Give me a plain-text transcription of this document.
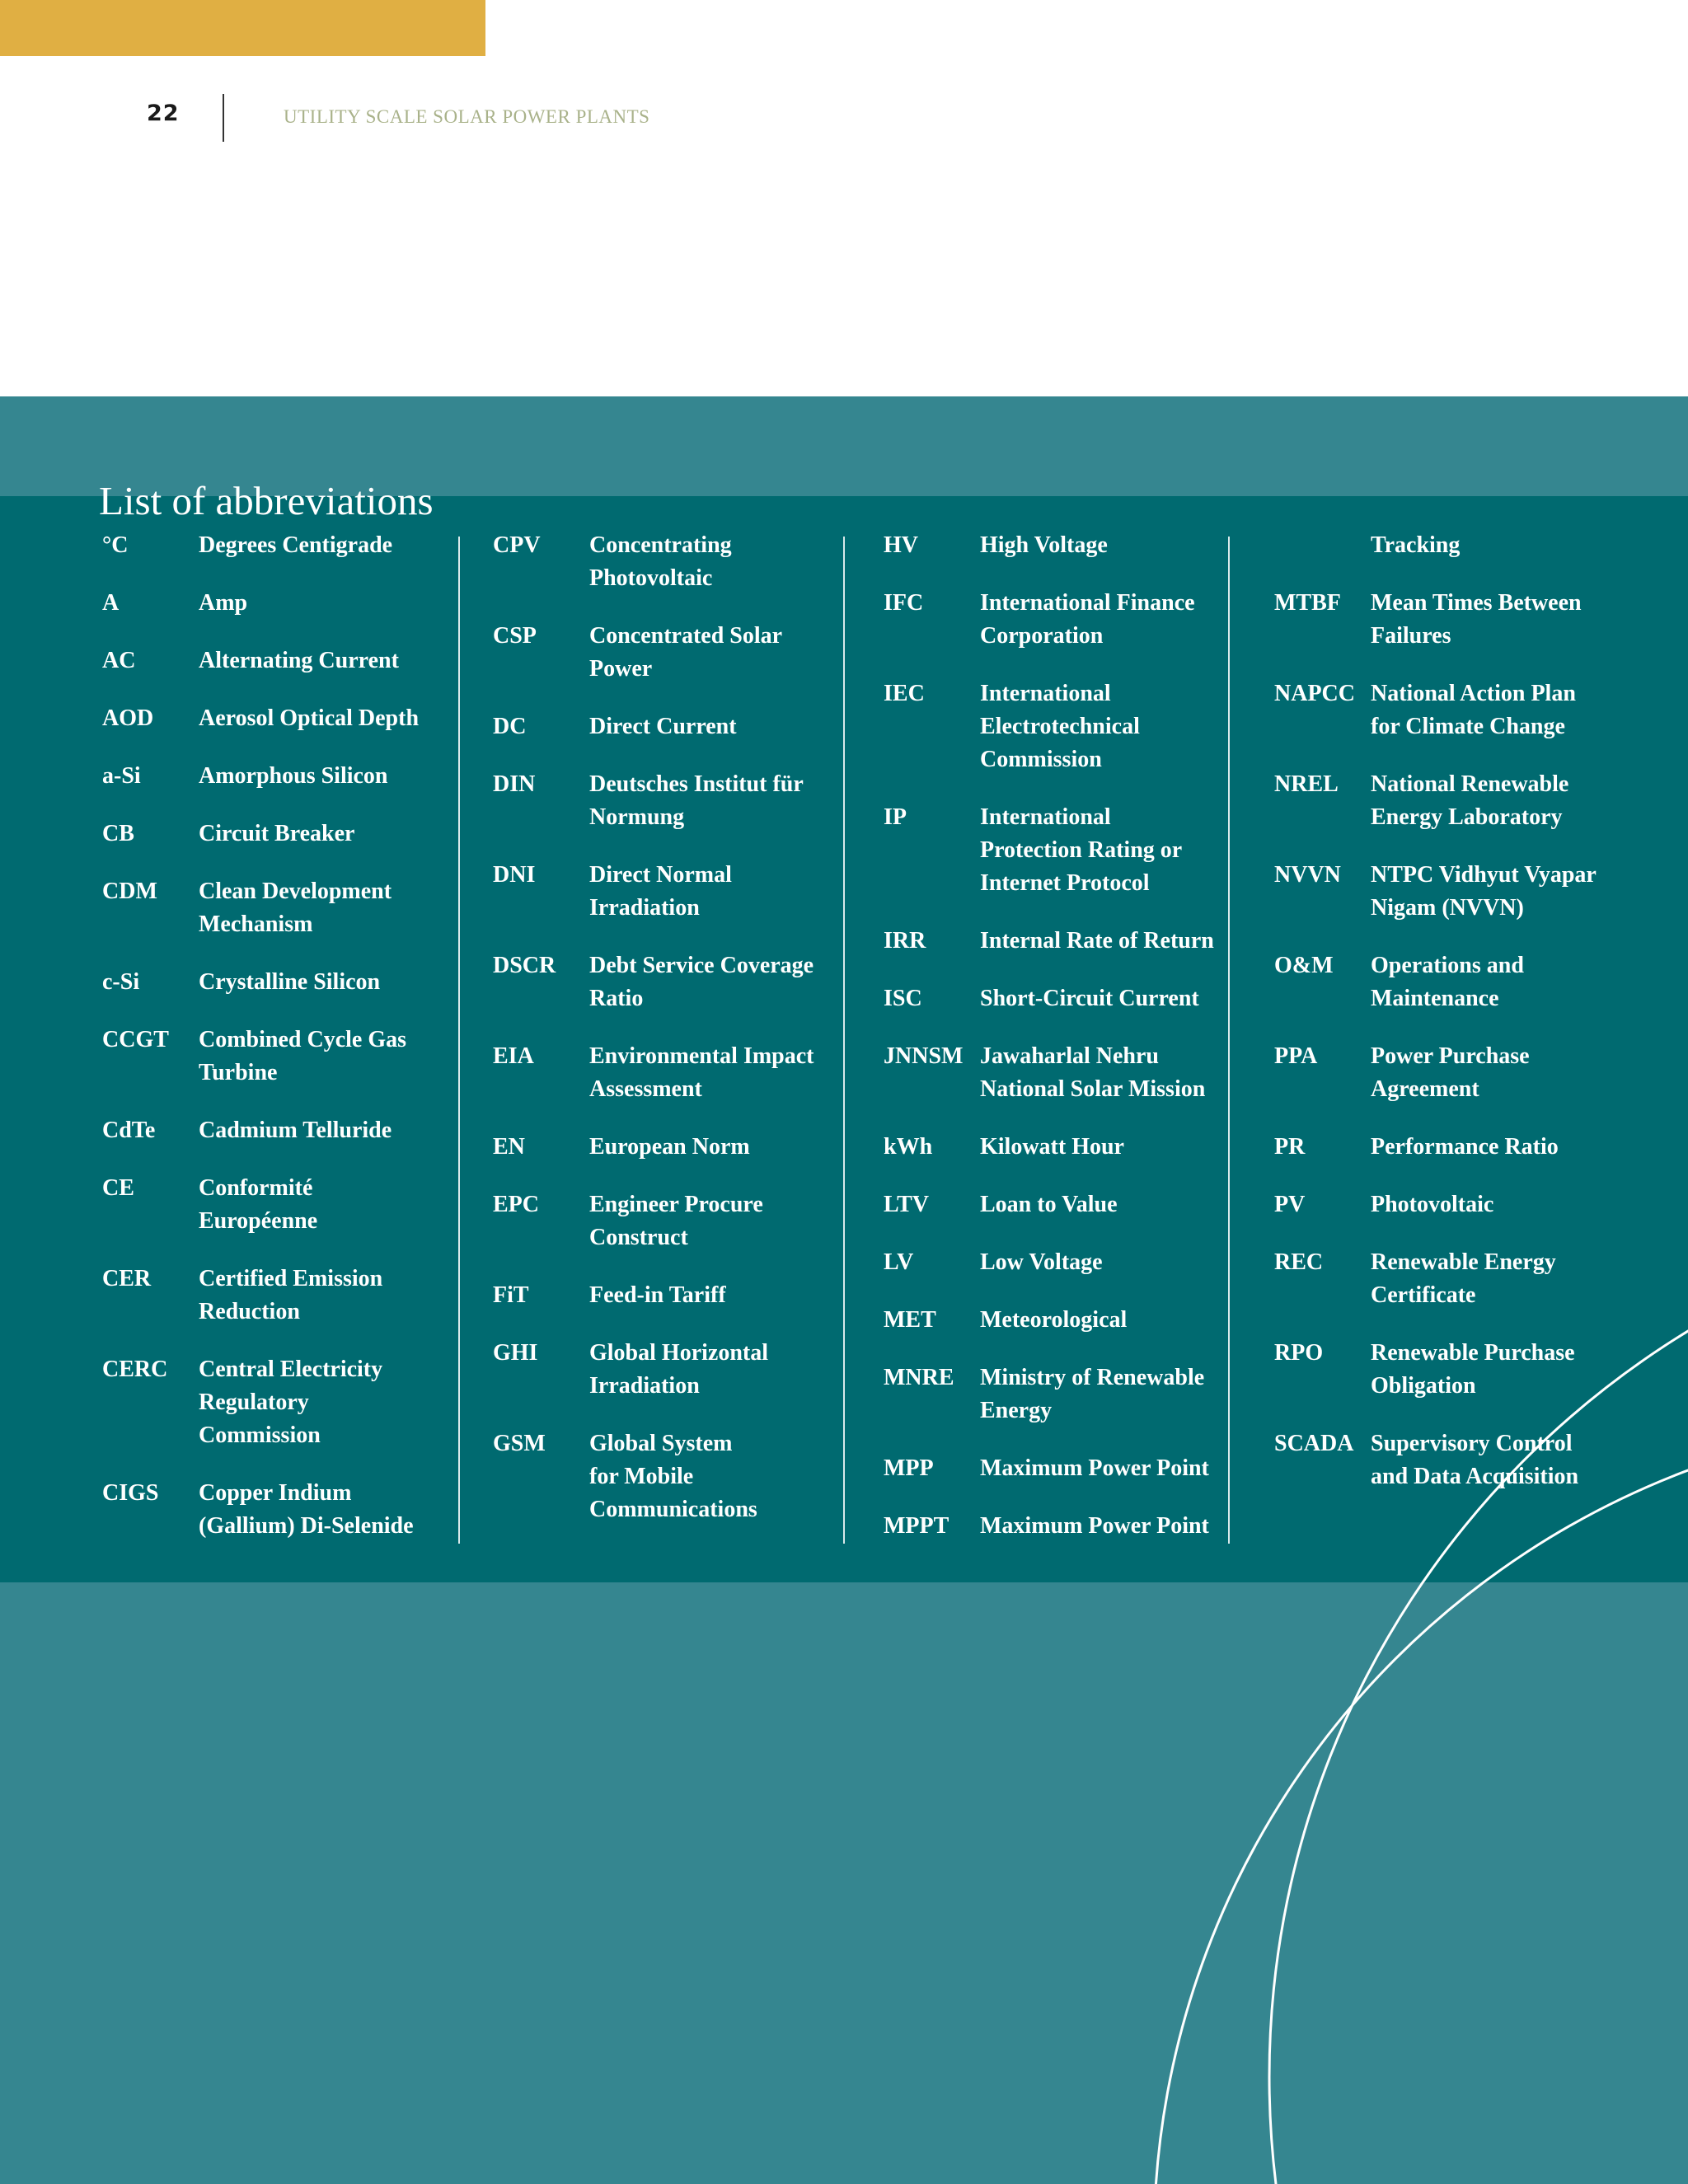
22	UTILITY SCALE SOLAR POWER PLANTS
List of abbreviations
°C	Degrees Centigrade
A	Amp
AC	Alternating Current
AOD	Aerosol Optical Depth
a-Si	Amorphous Silicon
CB	Circuit Breaker
CDM	Clean Development
Mechanism
c-Si	Crystalline Silicon
CCGT	Combined Cycle Gas
Turbine
CdTe	Cadmium Telluride
CE	Conformité
Européenne
CER	Certified Emission
Reduction
CERC	Central Electricity
Regulatory
Commission
CIGS	Copper Indium
(Gallium) Di-Selenide
CPV	Concentrating
Photovoltaic
CSP	Concentrated Solar
Power
DC	Direct Current
DIN	Deutsches Institut für
Normung
DNI	Direct Normal
Irradiation
DSCR	Debt Service Coverage
Ratio
EIA	Environmental Impact
Assessment
EN	European Norm
EPC	Engineer Procure
Construct
FiT	Feed-in Tariff
GHI	Global Horizontal
Irradiation
GSM	Global System
for Mobile
Communications
HV	High Voltage
IFC	International Finance
Corporation
IEC	International
Electrotechnical
Commission
IP	International
Protection Rating or
Internet Protocol
IRR	Internal Rate of Return
ISC	Short-Circuit Current
JNNSM Jawaharlal Nehru
National Solar Mission
kWh	Kilowatt Hour
LTV	Loan to Value
LV	Low Voltage
MET	Meteorological
MNRE	Ministry of Renewable
Energy
MPP	Maximum Power Point
MPPT	Maximum Power Point
Tracking
MTBF	Mean Times Between
Failures
NAPCC National Action Plan
for Climate Change
NREL	National Renewable
Energy Laboratory
NVVN	NTPC Vidhyut Vyapar
Nigam (NVVN)
O&M	Operations and
Maintenance
PPA	Power Purchase
Agreement
PR	Performance Ratio
PV	Photovoltaic
REC	Renewable Energy
Certificate
RPO	Renewable Purchase
Obligation
SCADA Supervisory Control
and Data Acquisition
